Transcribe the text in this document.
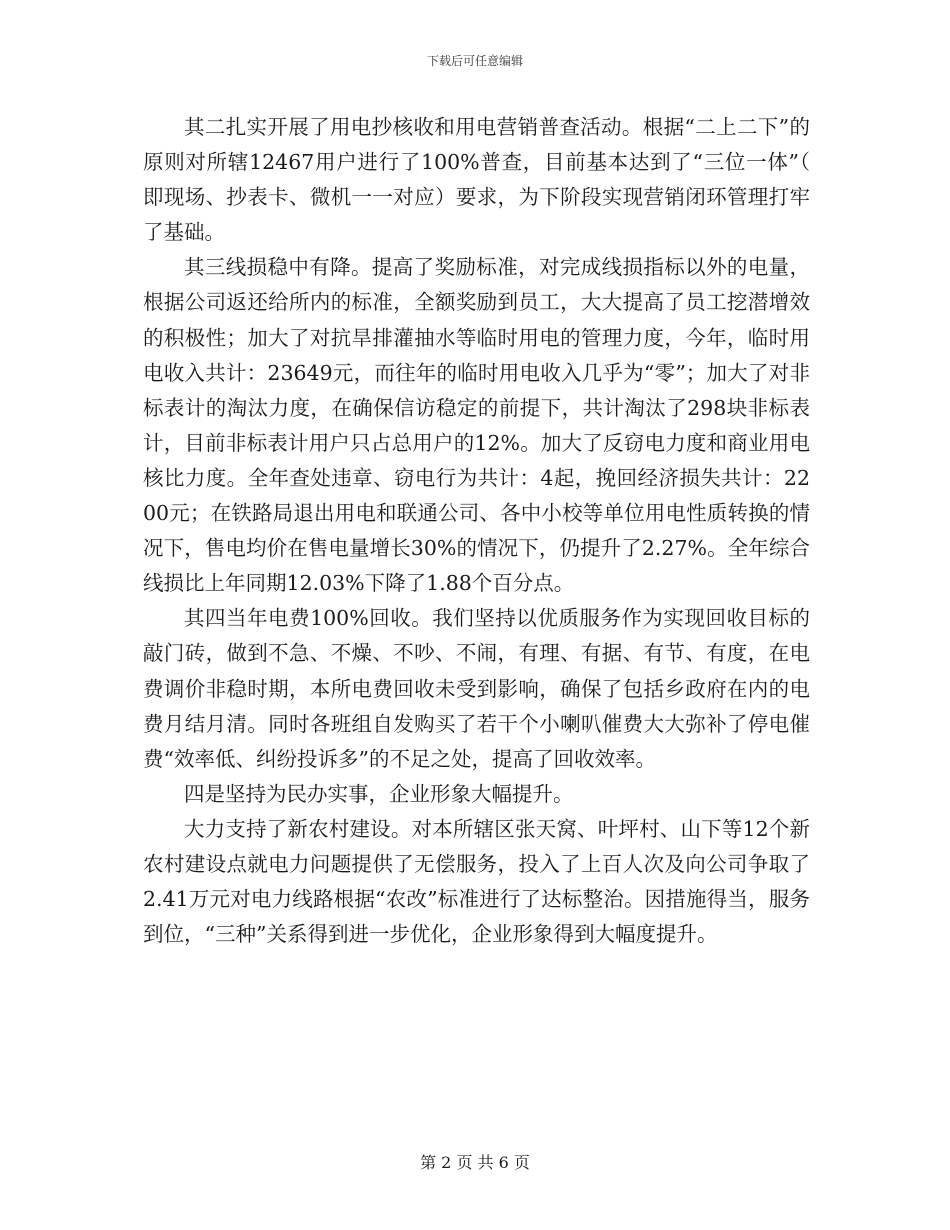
下载后可任意编辑

其二扎实开展了用电抄核收和用电营销普查活动。根据“二上二下”的原则对所辖12467用户进行了100%普查，目前基本达到了“三位一体”（即现场、抄表卡、微机一一对应）要求，为下阶段实现营销闭环管理打牢了基础。

其三线损稳中有降。提高了奖励标准，对完成线损指标以外的电量，根据公司返还给所内的标准，全额奖励到员工，大大提高了员工挖潜增效的积极性；加大了对抗旱排灌抽水等临时用电的管理力度，今年，临时用电收入共计：23649元，而往年的临时用电收入几乎为“零”；加大了对非标表计的淘汰力度，在确保信访稳定的前提下，共计淘汰了298块非标表计，目前非标表计用户只占总用户的12%。加大了反窃电力度和商业用电核比力度。全年查处违章、窃电行为共计：4起，挽回经济损失共计：2200元；在铁路局退出用电和联通公司、各中小校等单位用电性质转换的情况下，售电均价在售电量增长30%的情况下，仍提升了2.27%。全年综合线损比上年同期12.03%下降了1.88个百分点。

其四当年电费100%回收。我们坚持以优质服务作为实现回收目标的敲门砖，做到不急、不燥、不吵、不闹，有理、有据、有节、有度，在电费调价非稳时期，本所电费回收未受到影响，确保了包括乡政府在内的电费月结月清。同时各班组自发购买了若干个小喇叭催费大大弥补了停电催费“效率低、纠纷投诉多”的不足之处，提高了回收效率。

四是坚持为民办实事，企业形象大幅提升。

大力支持了新农村建设。对本所辖区张天窝、叶坪村、山下等12个新农村建设点就电力问题提供了无偿服务，投入了上百人次及向公司争取了2.41万元对电力线路根据“农改”标准进行了达标整治。因措施得当，服务到位，“三种”关系得到进一步优化，企业形象得到大幅度提升。

第 2 页 共 6 页
